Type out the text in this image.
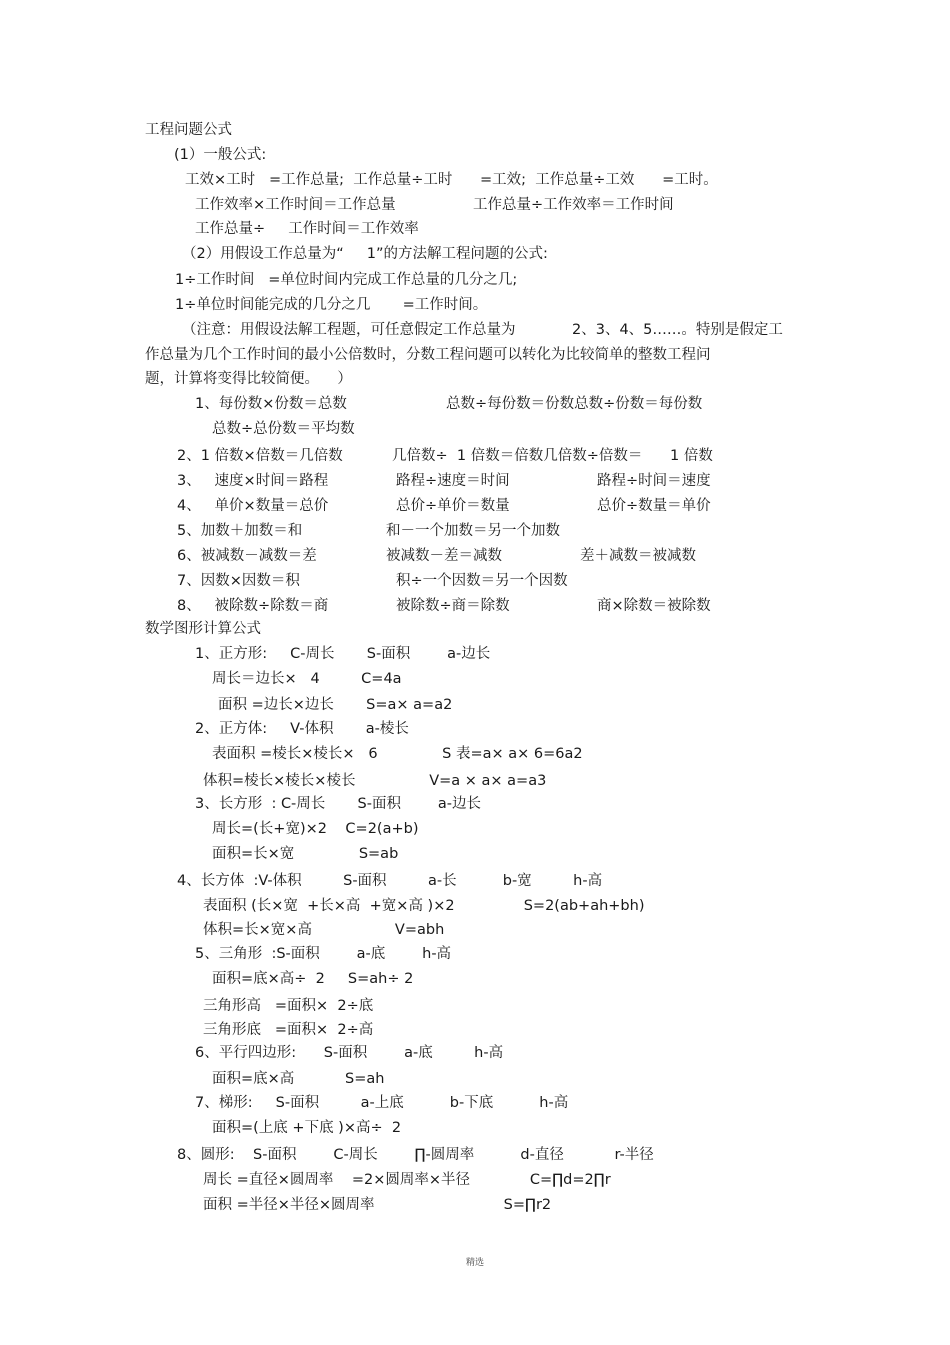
工程问题公式
(1）一般公式:
工效×工时   =工作总量;  工作总量÷工时      =工效;  工作总量÷工效      =工时。
工作效率×工作时间＝工作总量	工作总量÷工作效率＝工作时间
工作总量÷     工作时间＝工作效率
（2）用假设工作总量为“     1”的方法解工程问题的公式:
1÷工作时间   =单位时间内完成工作总量的几分之几;
1÷单位时间能完成的几分之几       =工作时间。
（注意：用假设法解工程题，可任意假定工作总量为	2、3、4、5……。特别是假定工
作总量为几个工作时间的最小公倍数时，分数工程问题可以转化为比较简单的整数工程问
题，计算将变得比较简便。    ）
1、每份数×份数＝总数	总数÷每份数＝份数总数÷份数＝每份数
总数÷总份数＝平均数
2、1 倍数×倍数＝几倍数	几倍数÷  1 倍数＝倍数几倍数÷倍数＝      1 倍数
3、   速度×时间＝路程	路程÷速度＝时间	路程÷时间＝速度
4、   单价×数量＝总价	总价÷单价＝数量	总价÷数量＝单价
5、加数＋加数＝和	和－一个加数＝另一个加数
6、被减数－减数＝差	被减数－差＝减数	差＋减数＝被减数
7、因数×因数＝积	积÷一个因数＝另一个因数
8、   被除数÷除数＝商	被除数÷商＝除数	商×除数＝被除数
数学图形计算公式
1、正方形:     C-周长       S-面积        a-边长
周长＝边长×   4         C=4a
面积 =边长×边长       S=a× a=a2
2、正方体:     V-体积       a-棱长
表面积 =棱长×棱长×   6              S 表=a× a× 6=6a2
体积=棱长×棱长×棱长                V=a × a× a=a3
3、长方形  : C-周长       S-面积        a-边长
周长=(长+宽)×2    C=2(a+b)
面积=长×宽              S=ab
4、长方体  :V-体积         S-面积         a-长          b-宽         h-高
表面积 (长×宽  +长×高  +宽×高 )×2               S=2(ab+ah+bh)
体积=长×宽×高                  V=abh
5、三角形  :S-面积        a-底        h-高
面积=底×高÷  2     S=ah÷ 2
三角形高   =面积×  2÷底
三角形底   =面积×  2÷高
6、平行四边形:      S-面积        a-底         h-高
面积=底×高           S=ah
7、梯形:     S-面积         a-上底          b-下底          h-高
面积=(上底 +下底 )×高÷  2
8、圆形:    S-面积        C-周长        ∏-圆周率          d-直径           r-半径
周长 =直径×圆周率    =2×圆周率×半径             C=∏d=2∏r
面积 =半径×半径×圆周率                            S=∏r2
精选
